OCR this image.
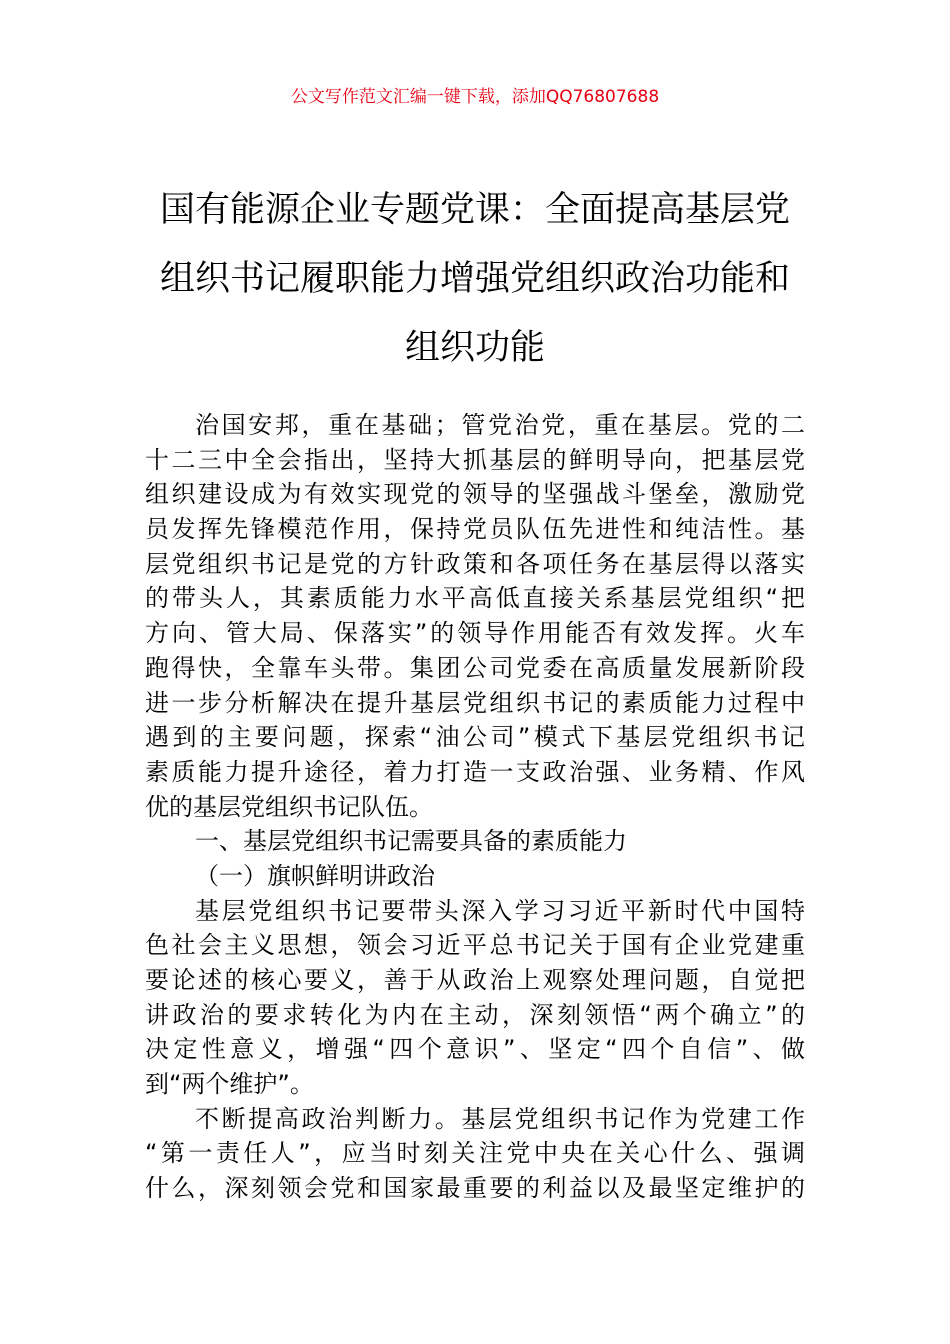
公文写作范文汇编一键下载，添加QQ76807688
国有能源企业专题党课：全面提高基层党
组织书记履职能力增强党组织政治功能和
组织功能
治国安邦，重在基础；管党治党，重在基层。党的二
十二三中全会指出，坚持大抓基层的鲜明导向，把基层党
组织建设成为有效实现党的领导的坚强战斗堡垒，激励党
员发挥先锋模范作用，保持党员队伍先进性和纯洁性。基
层党组织书记是党的方针政策和各项任务在基层得以落实
的带头人，其素质能力水平高低直接关系基层党组织“把
方向、管大局、保落实”的领导作用能否有效发挥。火车
跑得快，全靠车头带。集团公司党委在高质量发展新阶段
进一步分析解决在提升基层党组织书记的素质能力过程中
遇到的主要问题，探索“油公司”模式下基层党组织书记
素质能力提升途径，着力打造一支政治强、业务精、作风
优的基层党组织书记队伍。
一、基层党组织书记需要具备的素质能力
（一）旗帜鲜明讲政治
基层党组织书记要带头深入学习习近平新时代中国特
色社会主义思想，领会习近平总书记关于国有企业党建重
要论述的核心要义，善于从政治上观察处理问题，自觉把
讲政治的要求转化为内在主动，深刻领悟“两个确立”的
决定性意义，增强“四个意识”、坚定“四个自信”、做
到“两个维护”。
不断提高政治判断力。基层党组织书记作为党建工作
“第一责任人”，应当时刻关注党中央在关心什么、强调
什么，深刻领会党和国家最重要的利益以及最坚定维护的
